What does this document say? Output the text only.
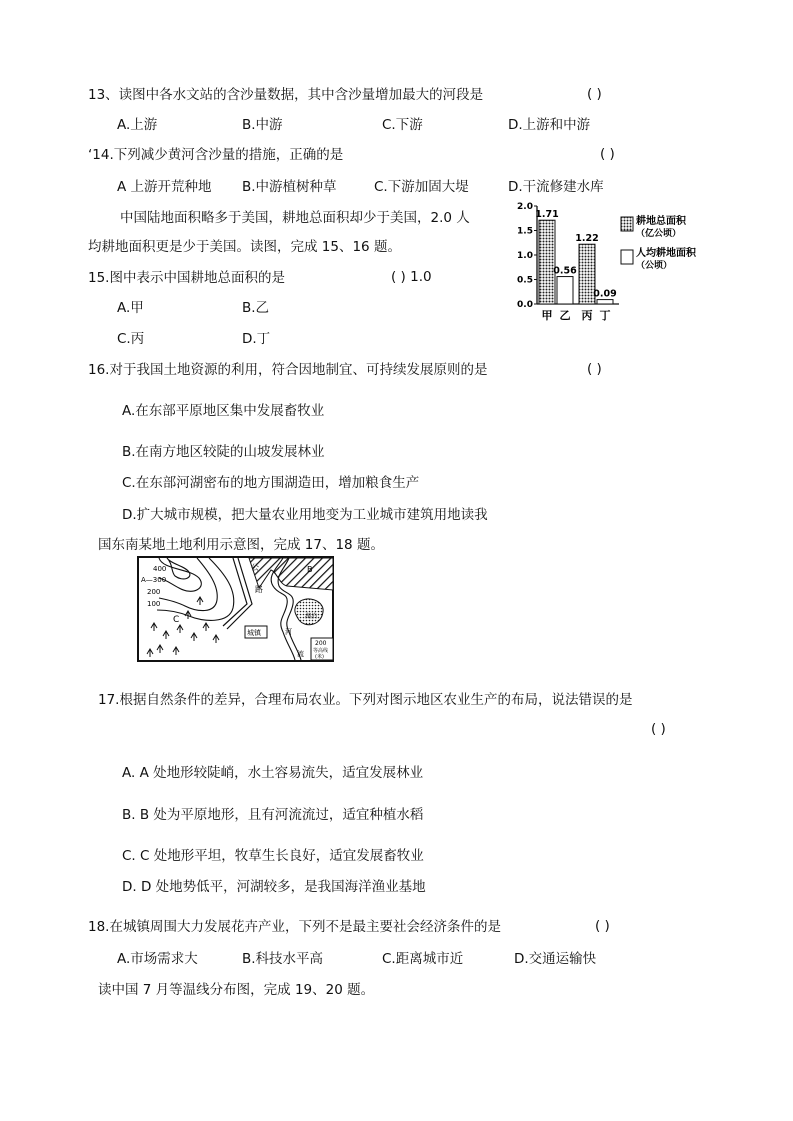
13、读图中各水文站的含沙量数据，其中含沙量增加最大的河段是	( )
A.上游	B.中游	C.下游	D.上游和中游
‘14.下列减少黄河含沙量的措施，正确的是	( )
A 上游开荒种地 B.中游植树种草	C.下游加固大堤	D.干流修建水库
中国陆地面积略多于美国，耕地总面积却少于美国，2.0 人
均耕地面积更是少于美国。读图，完成 15、16 题。
15.图中表示中国耕地总面积的是	( ) 1.0
A.甲	B.乙
C.丙	D.丁
0.0
0.5
1.0
1.5
2.0
1.71
0.56
1.22
0.09
甲 乙 丙 丁
耕地总面积
（亿公顷）
人均耕地面积
（公顷）
16.对于我国土地资源的利用，符合因地制宜、可持续发展原则的是	( )
A.在东部平原地区集中发展畜牧业
B.在南方地区较陡的山坡发展林业
C.在东部河湖密布的地方围湖造田，增加粮食生产
D.扩大城市规模，把大量农业用地变为工业城市建筑用地读我
国东南某地土地利用示意图，完成 17、18 题。
400
A—300
200
100
C
B
公
路
城镇	河
流
湖泊
200
等高线
(米)
17.根据自然条件的差异，合理布局农业。下列对图示地区农业生产的布局，说法错误的是
( )
A. A 处地形较陡峭，水土容易流失，适宜发展林业
B. B 处为平原地形，且有河流流过，适宜种植水稻
C. C 处地形平坦，牧草生长良好，适宜发展畜牧业
D. D 处地势低平，河湖较多，是我国海洋渔业基地
18.在城镇周围大力发展花卉产业，下列不是最主要社会经济条件的是	( )
A.市场需求大	B.科技水平高	C.距离城市近	D.交通运输快
读中国 7 月等温线分布图，完成 19、20 题。
